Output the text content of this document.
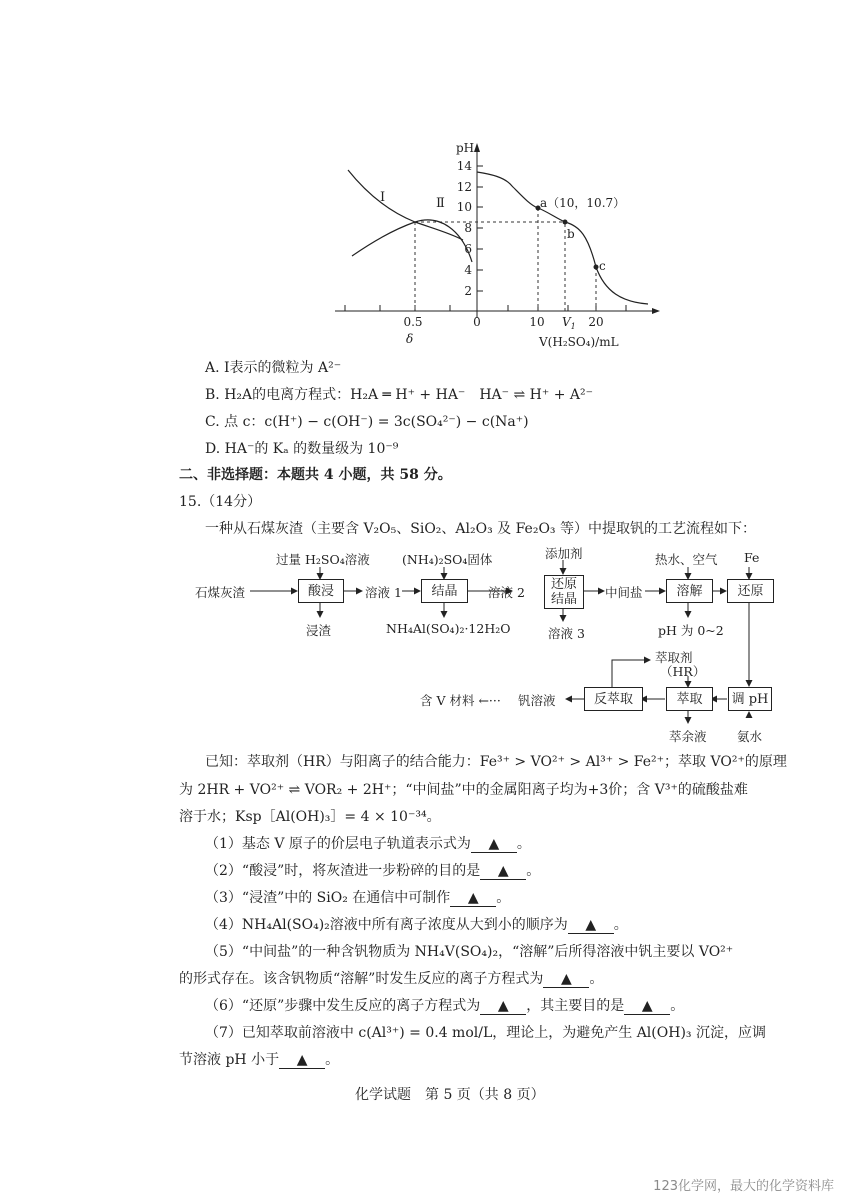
2
4
6
8
10
12
14
pH
a（10，10.7）
b
c
Ⅰ	Ⅱ
0.5	0	10	20
$V_1$
δ	V(H₂SO₄)/mL
A. Ⅰ表示的微粒为 A²⁻
B. H₂A的电离方程式：H₂A ═ H⁺ + HA⁻　HA⁻ ⇌ H⁺ + A²⁻
C. 点 c：c(H⁺) − c(OH⁻) = 3c(SO₄²⁻) − c(Na⁺)
D. HA⁻的 Kₐ 的数量级为 10⁻⁹
二、非选择题：本题共 4 小题，共 58 分。
15.（14分）
一种从石煤灰渣（主要含 V₂O₅、SiO₂、Al₂O₃ 及 Fe₂O₃ 等）中提取钒的工艺流程如下：
石煤灰渣
过量 H₂SO₄溶液
酸浸
浸渣
溶液 1
(NH₄)₂SO₄固体
结晶
NH₄Al(SO₄)₂·12H₂O
溶液 2
添加剂
还原 结晶
溶液 3
中间盐
热水、空气
溶解
pH 为 0~2
Fe
还原
调 pH
氨水
萃取
萃取剂
（HR）
萃余液
反萃取
钒溶液
含 V 材料 ←···
已知：萃取剂（HR）与阳离子的结合能力：Fe³⁺ > VO²⁺ > Al³⁺ > Fe²⁺；萃取 VO²⁺的原理
为 2HR + VO²⁺ ⇌ VOR₂ + 2H⁺；“中间盐”中的金属阳离子均为+3价；含 V³⁺的硫酸盐难
溶于水；Ksp［Al(OH)₃］= 4 × 10⁻³⁴。
（1）基态 V 原子的价层电子轨道表示式为 ▲ 。
（2）“酸浸”时，将灰渣进一步粉碎的目的是 ▲ 。
（3）“浸渣”中的 SiO₂ 在通信中可制作 ▲ 。
（4）NH₄Al(SO₄)₂溶液中所有离子浓度从大到小的顺序为 ▲ 。
（5）“中间盐”的一种含钒物质为 NH₄V(SO₄)₂，“溶解”后所得溶液中钒主要以 VO²⁺
的形式存在。该含钒物质“溶解”时发生反应的离子方程式为 ▲ 。
（6）“还原”步骤中发生反应的离子方程式为 ▲ ，其主要目的是 ▲ 。
（7）已知萃取前溶液中 c(Al³⁺) = 0.4 mol/L，理论上，为避免产生 Al(OH)₃ 沉淀，应调
节溶液 pH 小于 ▲ 。
化学试题　第 5 页（共 8 页）
123化学网，最大的化学资料库
